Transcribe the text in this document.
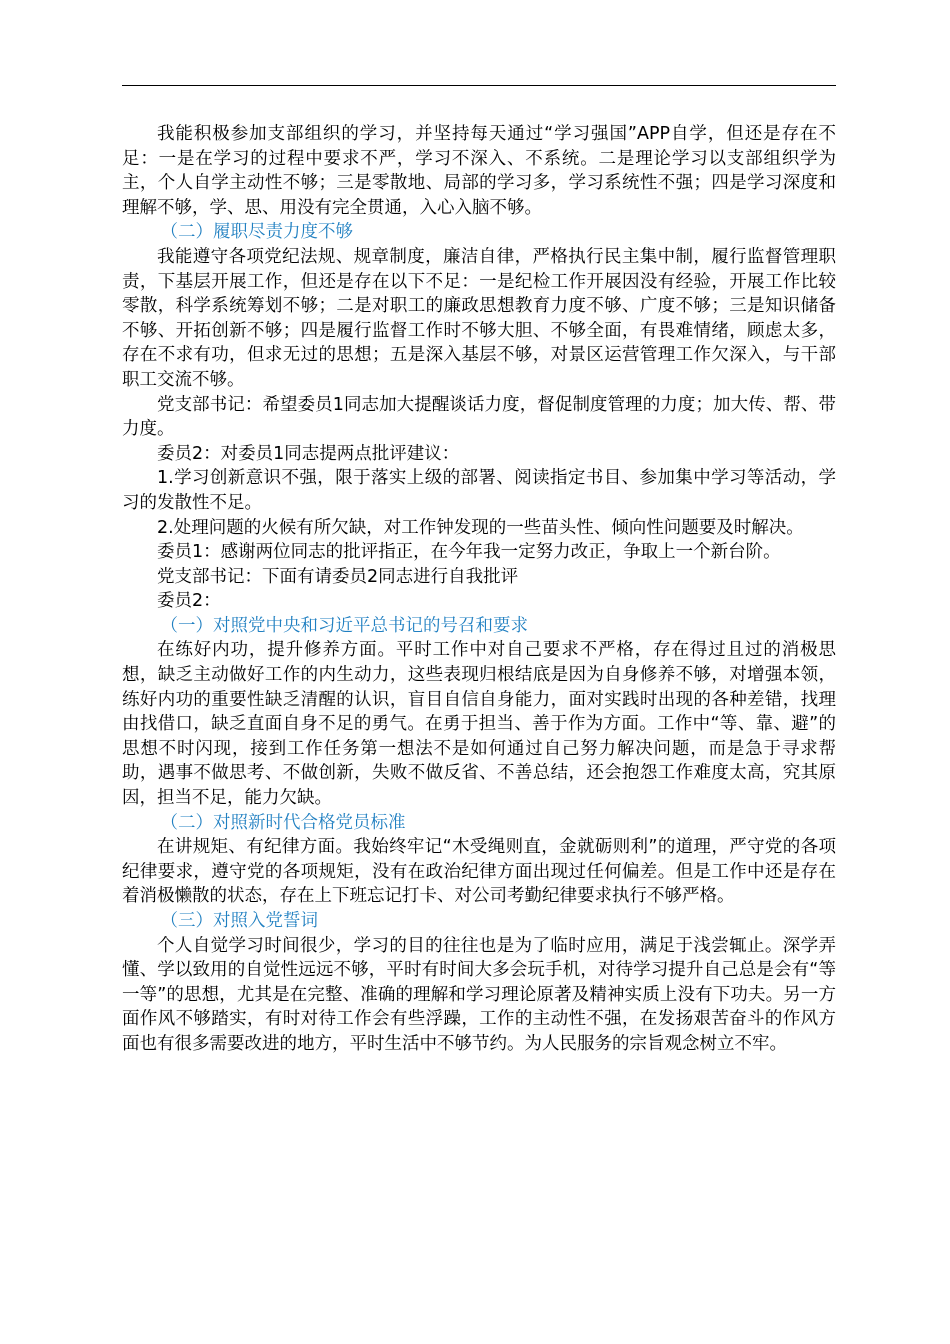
我能积极参加支部组织的学习，并坚持每天通过“学习强国”APP自学，但还是存在不足：一是在学习的过程中要求不严，学习不深入、不系统。二是理论学习以支部组织学为主，个人自学主动性不够；三是零散地、局部的学习多，学习系统性不强；四是学习深度和理解不够，学、思、用没有完全贯通，入心入脑不够。

（二）履职尽责力度不够

我能遵守各项党纪法规、规章制度，廉洁自律，严格执行民主集中制，履行监督管理职责，下基层开展工作，但还是存在以下不足：一是纪检工作开展因没有经验，开展工作比较零散，科学系统筹划不够；二是对职工的廉政思想教育力度不够、广度不够；三是知识储备不够、开拓创新不够；四是履行监督工作时不够大胆、不够全面，有畏难情绪，顾虑太多，存在不求有功，但求无过的思想；五是深入基层不够，对景区运营管理工作欠深入，与干部职工交流不够。

党支部书记：希望委员1同志加大提醒谈话力度，督促制度管理的力度；加大传、帮、带力度。

委员2：对委员1同志提两点批评建议：

1.学习创新意识不强，限于落实上级的部署、阅读指定书目、参加集中学习等活动，学习的发散性不足。

2.处理问题的火候有所欠缺，对工作钟发现的一些苗头性、倾向性问题要及时解决。

委员1：感谢两位同志的批评指正，在今年我一定努力改正，争取上一个新台阶。

党支部书记：下面有请委员2同志进行自我批评

委员2：

（一）对照党中央和习近平总书记的号召和要求

在练好内功，提升修养方面。平时工作中对自己要求不严格，存在得过且过的消极思想，缺乏主动做好工作的内生动力，这些表现归根结底是因为自身修养不够，对增强本领，练好内功的重要性缺乏清醒的认识，盲目自信自身能力，面对实践时出现的各种差错，找理由找借口，缺乏直面自身不足的勇气。在勇于担当、善于作为方面。工作中“等、靠、避”的思想不时闪现，接到工作任务第一想法不是如何通过自己努力解决问题，而是急于寻求帮助，遇事不做思考、不做创新，失败不做反省、不善总结，还会抱怨工作难度太高，究其原因，担当不足，能力欠缺。

（二）对照新时代合格党员标准

在讲规矩、有纪律方面。我始终牢记“木受绳则直，金就砺则利”的道理，严守党的各项纪律要求，遵守党的各项规矩，没有在政治纪律方面出现过任何偏差。但是工作中还是存在着消极懒散的状态，存在上下班忘记打卡、对公司考勤纪律要求执行不够严格。

（三）对照入党誓词

个人自觉学习时间很少，学习的目的往往也是为了临时应用，满足于浅尝辄止。深学弄懂、学以致用的自觉性远远不够，平时有时间大多会玩手机，对待学习提升自己总是会有“等一等”的思想，尤其是在完整、准确的理解和学习理论原著及精神实质上没有下功夫。另一方面作风不够踏实，有时对待工作会有些浮躁，工作的主动性不强，在发扬艰苦奋斗的作风方面也有很多需要改进的地方，平时生活中不够节约。为人民服务的宗旨观念树立不牢。
